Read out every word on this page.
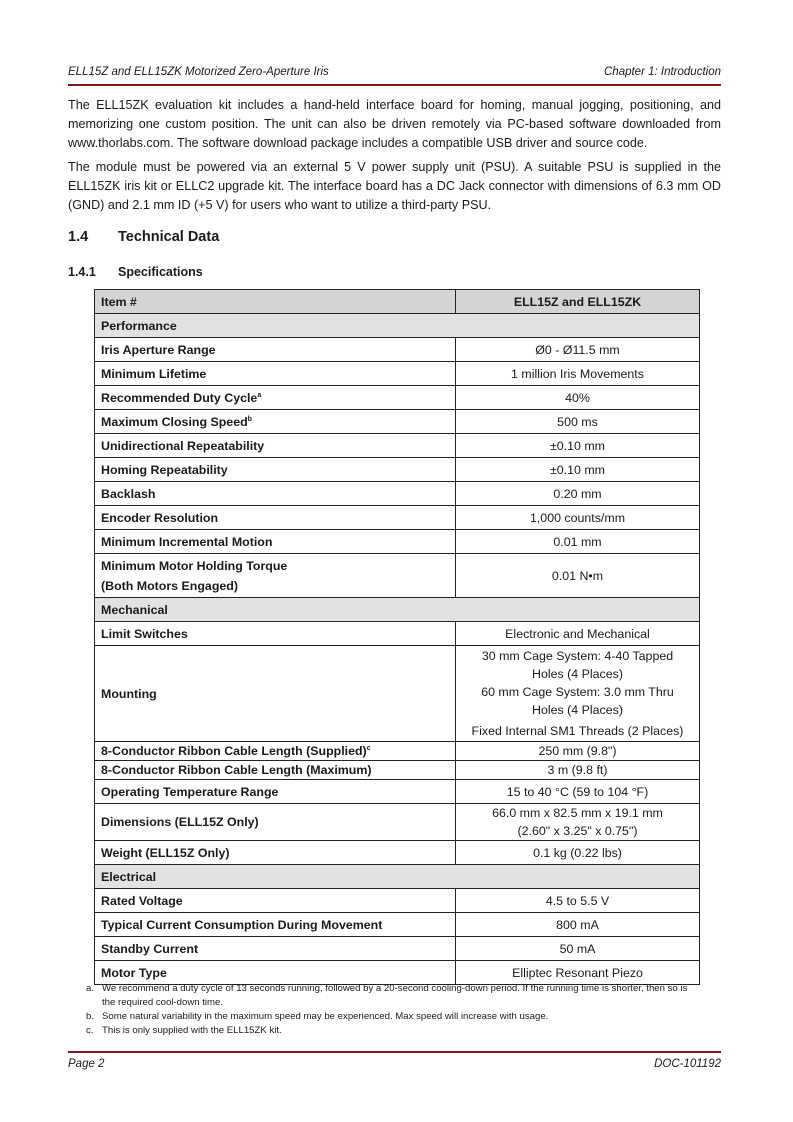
ELL15Z and ELL15ZK Motorized Zero-Aperture Iris	Chapter 1: Introduction

The ELL15ZK evaluation kit includes a hand-held interface board for homing, manual jogging, positioning, and memorizing one custom position. The unit can also be driven remotely via PC-based software downloaded from www.thorlabs.com. The software download package includes a compatible USB driver and source code.

The module must be powered via an external 5 V power supply unit (PSU). A suitable PSU is supplied in the ELL15ZK iris kit or ELLC2 upgrade kit. The interface board has a DC Jack connector with dimensions of 6.3 mm OD (GND) and 2.1 mm ID (+5 V) for users who want to utilize a third-party PSU.

1.4 Technical Data
1.4.1 Specifications
Item #	ELL15Z and ELL15ZK
Performance	
Iris Aperture Range	Ø0 - Ø11.5 mm

Minimum Lifetime	1 million Iris Movements

Recommended Duty Cycle$^a$	40%

Maximum Closing Speed$^b$	500 ms

Unidirectional Repeatability	±0.10 mm

Homing Repeatability	±0.10 mm

Backlash	0.20 mm

Encoder Resolution	1,000 counts/mm

Minimum Incremental Motion	0.01 mm

Minimum Motor Holding Torque
(Both Motors Engaged)	0.01 N•m

Mechanical	
Limit Switches	Electronic and Mechanical

Mounting	30 mm Cage System: 4-40 Tapped
Holes (4 Places)
60 mm Cage System: 3.0 mm Thru
Holes (4 Places)
Fixed Internal SM1 Threads (2 Places)

8-Conductor Ribbon Cable Length (Supplied)$^c$	250 mm (9.8")

8-Conductor Ribbon Cable Length (Maximum)	3 m (9.8 ft)

Operating Temperature Range	15 to 40 °C (59 to 104 °F)

Dimensions (ELL15Z Only)	66.0 mm x 82.5 mm x 19.1 mm
(2.60" x 3.25" x 0.75")

Weight (ELL15Z Only)	0.1 kg (0.22 lbs)

Electrical	
Rated Voltage	4.5 to 5.5 V

Typical Current Consumption During Movement	800 mA

Standby Current	50 mA

Motor Type	Elliptec Resonant Piezo
a. We recommend a duty cycle of 13 seconds running, followed by a 20-second cooling-down period. If the running time is shorter, then so is the required cool-down time.
b. Some natural variability in the maximum speed may be experienced. Max speed will increase with usage.
c. This is only supplied with the ELL15ZK kit.
Page 2	DOC-101192
